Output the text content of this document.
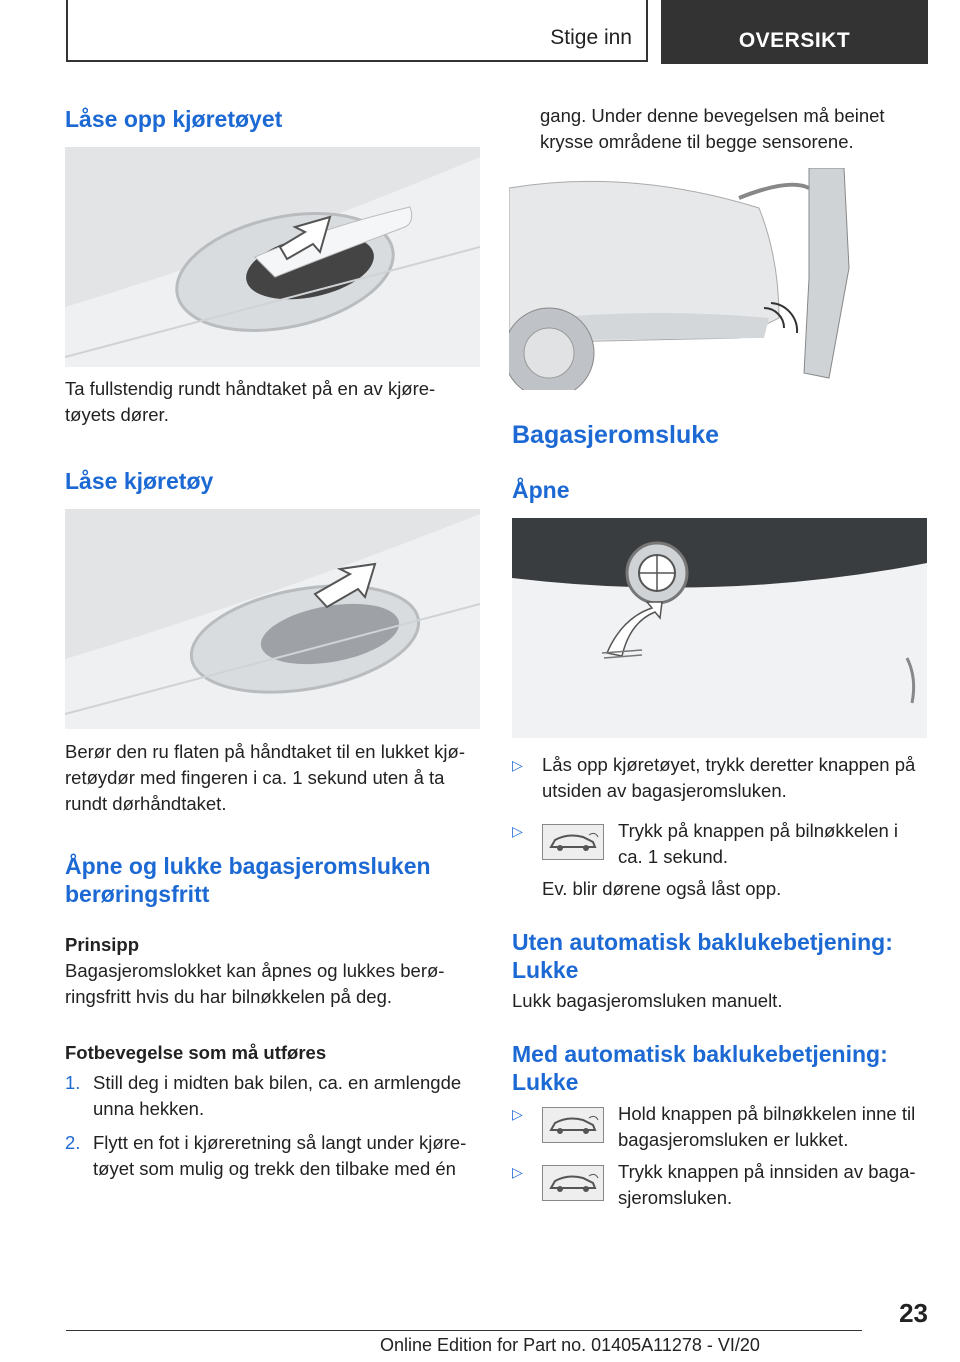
Stige inn	OVERSIKT
Låse opp kjøretøyet

Ta fullstendig rundt håndtaket på en av kjøre- tøyets dører.

Låse kjøretøy

Berør den ru flaten på håndtaket til en lukket kjø- retøydør med fingeren i ca. 1 sekund uten å ta rundt dørhåndtaket.

Åpne og lukke bagasjeromsluken
berøringsfritt
Prinsipp

Bagasjeromslokket kan åpnes og lukkes berø- ringsfritt hvis du har bilnøkkelen på deg.

Fotbevegelse som må utføres
1. Still deg i midten bak bilen, ca. en armlengde unna hekken.

2. Flytt en fot i kjøreretning så langt under kjøre- tøyet som mulig og trekk den tilbake med én

gang. Under denne bevegelsen må beinet krysse områdene til begge sensorene.

Bagasjeromsluke
Åpne
▷ Lås opp kjøretøyet, trykk deretter knappen på utsiden av bagasjeromsluken.

▷	Trykk på knappen på bilnøkkelen i ca. 1 sekund.

Ev. blir dørene også låst opp.

Uten automatisk baklukebetjening: Lukke

Lukk bagasjeromsluken manuelt.

Med automatisk baklukebetjening: Lukke
▷	Hold knappen på bilnøkkelen inne til bagasjeromsluken er lukket.

▷	Trykk knappen på innsiden av baga- sjeromsluken.

23
Online Edition for Part no. 01405A11278 - VI/20
